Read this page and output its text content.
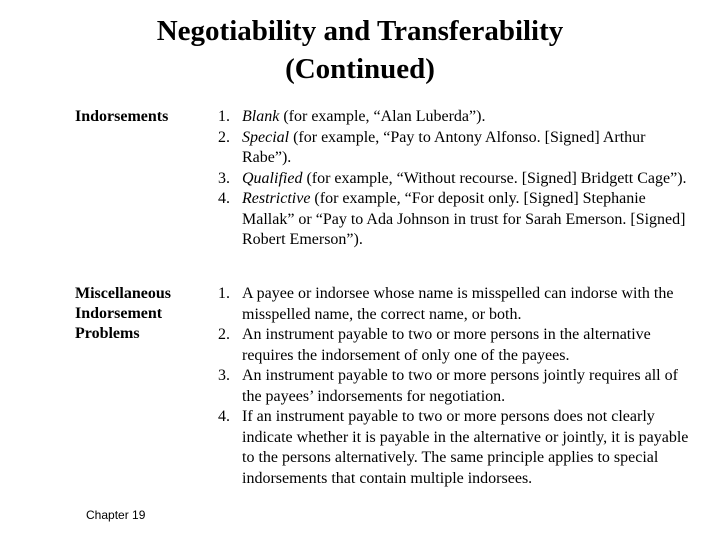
Negotiability and Transferability
(Continued)
Indorsements	1. Blank (for example, “Alan Luberda”).
2. Special (for example, “Pay to Antony Alfonso. [Signed] Arthur Rabe”).
3. Qualified (for example, “Without recourse. [Signed] Bridgett Cage”).
4. Restrictive (for example, “For deposit only. [Signed] Stephanie Mallak” or “Pay to Ada Johnson in trust for Sarah Emerson. [Signed] Robert Emerson”).
Miscellaneous Indorsement Problems
1. A payee or indorsee whose name is misspelled can indorse with the misspelled name, the correct name, or both.
2. An instrument payable to two or more persons in the alternative requires the indorsement of only one of the payees.
3. An instrument payable to two or more persons jointly requires all of the payees’ indorsements for negotiation.
4. If an instrument payable to two or more persons does not clearly indicate whether it is payable in the alternative or jointly, it is payable to the persons alternatively. The same principle applies to special indorsements that contain multiple indorsees.
Chapter 19
